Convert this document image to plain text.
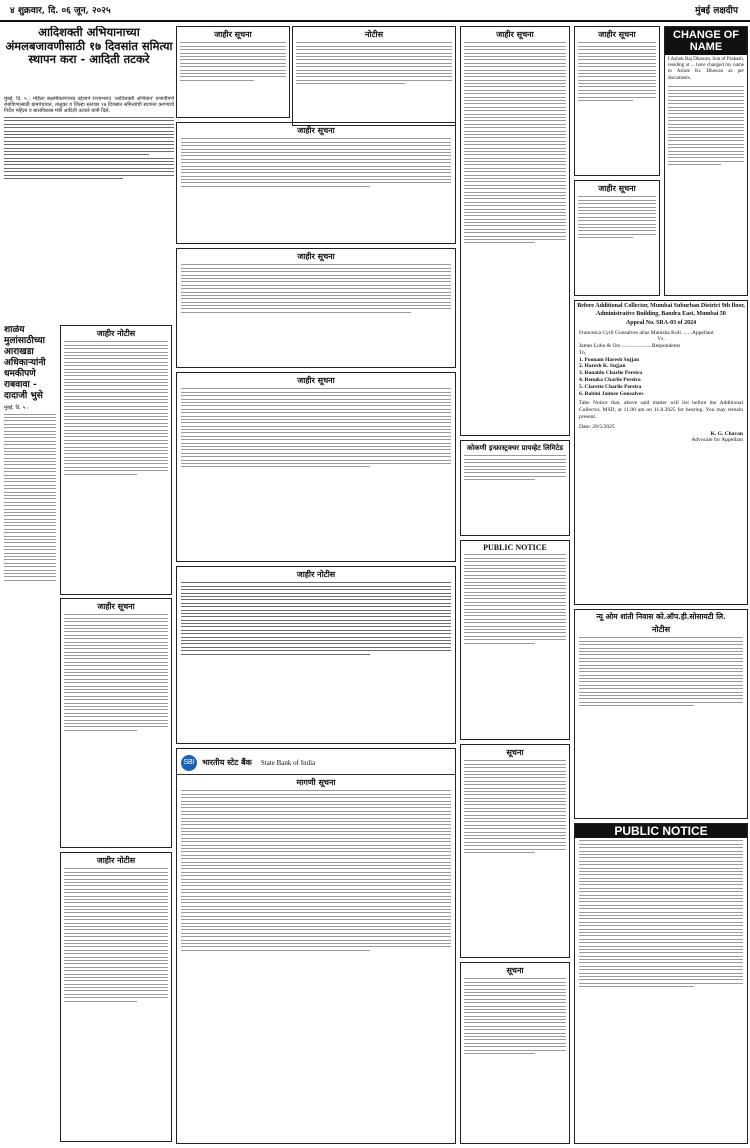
४ शुक्रवार, दि. ०६ जून, २०२५	मुंबई लक्षदीप
आदिशक्ती अभियानाच्या अंमलबजावणीसाठी १७ दिवसांत समित्या स्थापन करा - आदिती तटकरे
मुंबई, दि. ५ : महिला सक्षमीकरणाच्या उद्देशाने राज्यभरात 'आदिशक्ती अभियान' प्रभावीपणे राबविण्यासाठी ग्रामपंचायत, तालुका व जिल्हा स्तरावर १७ दिवसांत समित्यांची स्थापना करण्याचे निर्देश महिला व बालविकास मंत्री आदिती तटकरे यांनी दिले.
शाळेय मुलांसाठीच्या आराखडा अधिकाऱ्यांनी धमकीपणे राबवावा - दादाजी भुसे
मुंबई, दि. ५ :
जाहीर नोटीस
जाहीर सूचना
जाहीर नोटीस
जाहीर सूचना
जाहीर सूचना
जाहीर सूचना
जाहीर नोटीस
SBI भारतीय स्टेट बैंक State Bank of India
मागणी सूचना
नोटीस
जाहीर सूचना
जाहीर सूचना
कोकणी इन्फ्रास्ट्रक्चर प्रायव्हेट लिमिटेड
PUBLIC NOTICE
सूचना
सूचना
जाहीर सूचना
जाहीर सूचना
CHANGE OF NAME
I Ashok Raj Dhawan, Son of Prakash, residing at ... have changed my name to Ashok Kr. Dhawan as per documents.
Before Additional Collector, Mumbai Suburban District 9th floor, Administrative Building, Bandra East, Mumbai 50
Appeal No. SRA-03 of 2024
Francesca Cyril Gonsalves alias Manisha Koli .......Appellant
Vs.
James Lobo & Ors ......................Respondents
To,
1. Poonam Haresh Sujjan
2. Haresh K. Sujjan
3. Ronaldo Charlie Pereira
4. Renuka Charlie Pereira
5. Clarette Charlie Pereira
6. Robini Jaimee Gonsalves
Take Notice that, above said matter will list before the Additional Collector, MSD, at 11.00 am on 11.6.2025 for hearing. You may remain present.
Date: 29/5/2025
K. G. Chavan
Advocate for Appellant
न्यू ओम शांती निवास को.ऑप.ही.सोसायटी लि.
नोटीस
PUBLIC NOTICE
